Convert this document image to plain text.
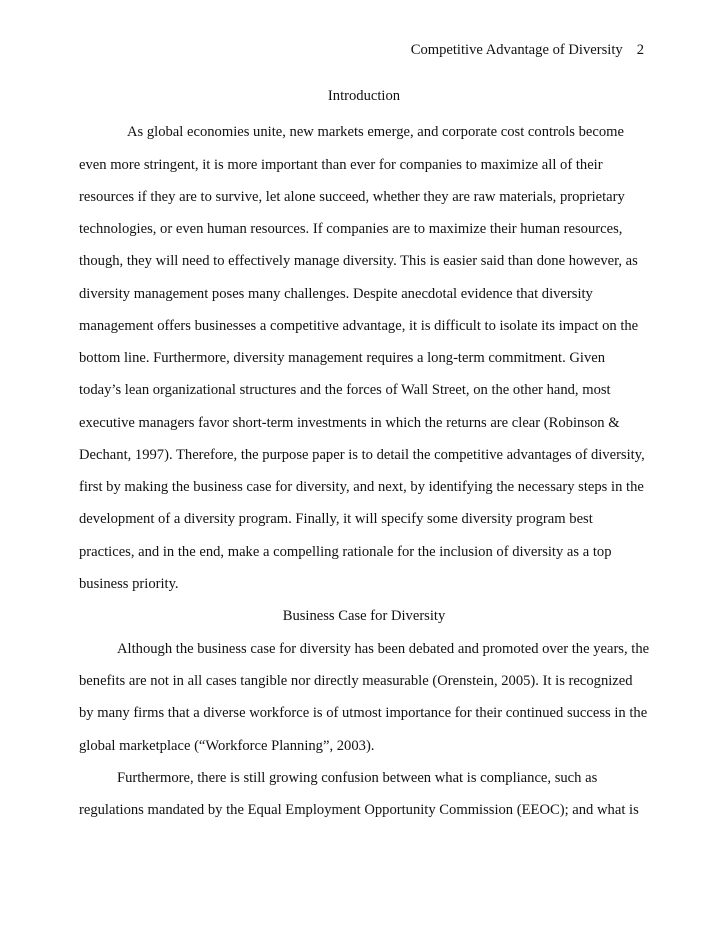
Competitive Advantage of Diversity 2
Introduction
As global economies unite, new markets emerge, and corporate cost controls become
even more stringent, it is more important than ever for companies to maximize all of their
resources if they are to survive, let alone succeed, whether they are raw materials, proprietary
technologies, or even human resources. If companies are to maximize their human resources,
though, they will need to effectively manage diversity. This is easier said than done however, as
diversity management poses many challenges. Despite anecdotal evidence that diversity
management offers businesses a competitive advantage, it is difficult to isolate its impact on the
bottom line. Furthermore, diversity management requires a long-term commitment. Given
today’s lean organizational structures and the forces of Wall Street, on the other hand, most
executive managers favor short-term investments in which the returns are clear (Robinson &
Dechant, 1997). Therefore, the purpose paper is to detail the competitive advantages of diversity,
first by making the business case for diversity, and next, by identifying the necessary steps in the
development of a diversity program. Finally, it will specify some diversity program best
practices, and in the end, make a compelling rationale for the inclusion of diversity as a top
business priority.
Business Case for Diversity
Although the business case for diversity has been debated and promoted over the years, the
benefits are not in all cases tangible nor directly measurable (Orenstein, 2005). It is recognized
by many firms that a diverse workforce is of utmost importance for their continued success in the
global marketplace (“Workforce Planning”, 2003).
Furthermore, there is still growing confusion between what is compliance, such as
regulations mandated by the Equal Employment Opportunity Commission (EEOC); and what is
